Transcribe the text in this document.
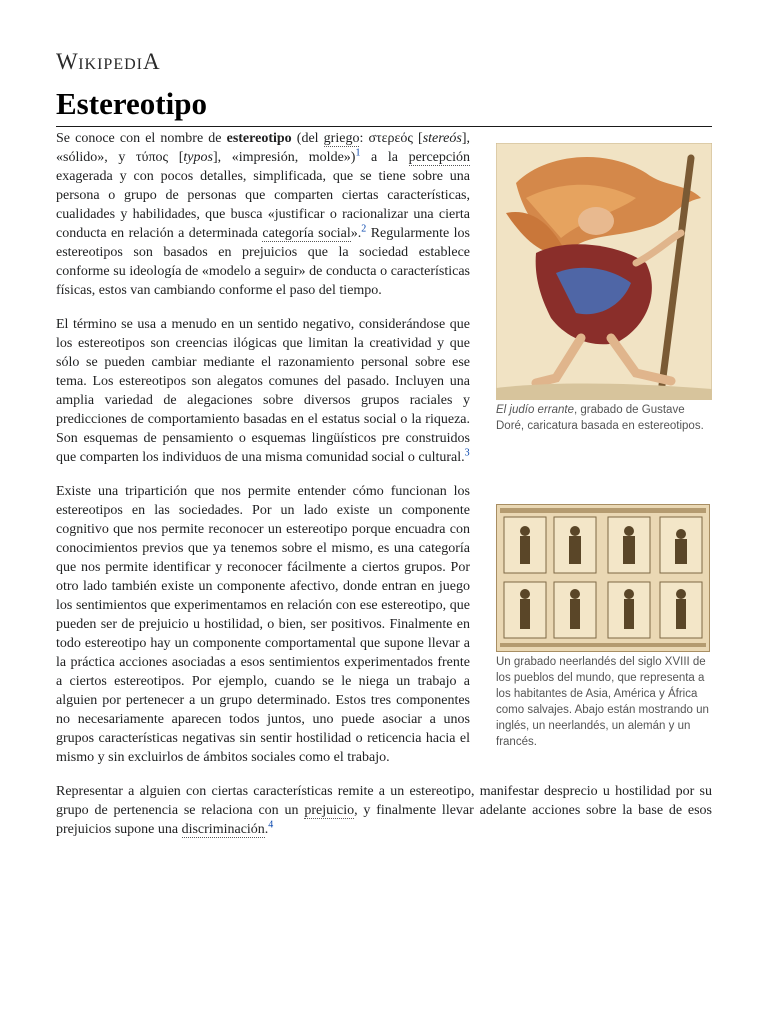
WIKIPEDIA
Estereotipo
El judío errante, grabado de Gustave Doré, caricatura basada en estereotipos.

Se conoce con el nombre de estereotipo (del griego: στερεός [stereós], «sólido», y τύπος [typos], «impresión, molde»)$^1$ a la percepción exagerada y con pocos detalles, simplificada, que se tiene sobre una persona o grupo de personas que comparten ciertas características, cualidades y habilidades, que busca «justificar o racionalizar una cierta conducta en relación a determinada categoría social».$^2$ Regularmente los estereotipos son basados en prejuicios que la sociedad establece conforme su ideología de «modelo a seguir» de conducta o características físicas, estos van cambiando conforme el paso del tiempo.

El término se usa a menudo en un sentido negativo, considerándose que los estereotipos son creencias ilógicas que limitan la creatividad y que sólo se pueden cambiar mediante el razonamiento personal sobre ese tema. Los estereotipos son alegatos comunes del pasado. Incluyen una amplia variedad de alegaciones sobre diversos grupos raciales y predicciones de comportamiento basadas en el estatus social o la riqueza. Son esquemas de pensamiento o esquemas lingüísticos pre construidos que comparten los individuos de una misma comunidad social o cultural.$^3$

Un grabado neerlandés del siglo XVIII de los pueblos del mundo, que representa a los habitantes de Asia, América y África como salvajes. Abajo están mostrando un inglés, un neerlandés, un alemán y un francés.

Existe una tripartición que nos permite entender cómo funcionan los estereotipos en las sociedades. Por un lado existe un componente cognitivo que nos permite reconocer un estereotipo porque encuadra con conocimientos previos que ya tenemos sobre el mismo, es una categoría que nos permite identificar y reconocer fácilmente a ciertos grupos. Por otro lado también existe un componente afectivo, donde entran en juego los sentimientos que experimentamos en relación con ese estereotipo, que pueden ser de prejuicio u hostilidad, o bien, ser positivos. Finalmente en todo estereotipo hay un componente comportamental que supone llevar a la práctica acciones asociadas a esos sentimientos experimentados frente a ciertos estereotipos. Por ejemplo, cuando se le niega un trabajo a alguien por pertenecer a un grupo determinado. Estos tres componentes no necesariamente aparecen todos juntos, uno puede asociar a unos grupos características negativas sin sentir hostilidad o reticencia hacia el mismo y sin excluirlos de ámbitos sociales como el trabajo.

Representar a alguien con ciertas características remite a un estereotipo, manifestar desprecio u hostilidad por su grupo de pertenencia se relaciona con un prejuicio, y finalmente llevar adelante acciones sobre la base de esos prejuicios supone una discriminación.$^4$
